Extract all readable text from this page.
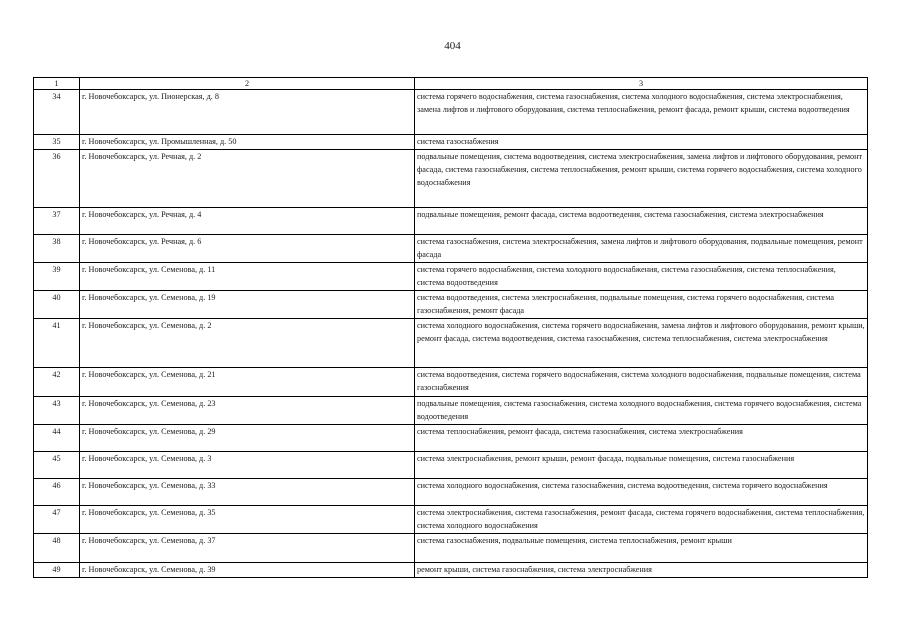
404
1	2	3
34	г. Новочебоксарск, ул. Пионерская, д. 8	система горячего водоснабжения, система газоснабжения, система холодного водоснабжения, система электроснабжения, замена лифтов и лифтового оборудования, система теплоснабжения, ремонт фасада, ремонт крыши, система водоотведения
35	г. Новочебоксарск, ул. Промышленная, д. 50	система газоснабжения
36	г. Новочебоксарск, ул. Речная, д. 2	подвальные помещения, система водоотведения, система электроснабжения, замена лифтов и лифтового оборудования, ремонт фасада, система газоснабжения, система теплоснабжения, ремонт крыши, система горячего водоснабжения, система холодного водоснабжения
37	г. Новочебоксарск, ул. Речная, д. 4	подвальные помещения, ремонт фасада, система водоотведения, система газоснабжения, система электроснабжения
38	г. Новочебоксарск, ул. Речная, д. 6	система газоснабжения, система электроснабжения, замена лифтов и лифтового оборудования, подвальные помещения, ремонт фасада
39	г. Новочебоксарск, ул. Семенова, д. 11	система горячего водоснабжения, система холодного водоснабжения, система газоснабжения, система теплоснабжения, система водоотведения
40	г. Новочебоксарск, ул. Семенова, д. 19	система водоотведения, система электроснабжения, подвальные помещения, система горячего водоснабжения, система газоснабжения, ремонт фасада
41	г. Новочебоксарск, ул. Семенова, д. 2	система холодного водоснабжения, система горячего водоснабжения, замена лифтов и лифтового оборудования, ремонт крыши, ремонт фасада, система водоотведения, система газоснабжения, система теплоснабжения, система электроснабжения
42	г. Новочебоксарск, ул. Семенова, д. 21	система водоотведения, система горячего водоснабжения, система холодного водоснабжения, подвальные помещения, система газоснабжения
43	г. Новочебоксарск, ул. Семенова, д. 23	подвальные помещения, система газоснабжения, система холодного водоснабжения, система горячего водоснабжения, система водоотведения
44	г. Новочебоксарск, ул. Семенова, д. 29	система теплоснабжения, ремонт фасада, система газоснабжения, система электроснабжения
45	г. Новочебоксарск, ул. Семенова, д. 3	система электроснабжения, ремонт крыши, ремонт фасада, подвальные помещения, система газоснабжения
46	г. Новочебоксарск, ул. Семенова, д. 33	система холодного водоснабжения, система газоснабжения, система водоотведения, система горячего водоснабжения
47	г. Новочебоксарск, ул. Семенова, д. 35	система электроснабжения, система газоснабжения, ремонт фасада, система горячего водоснабжения, система теплоснабжения, система холодного водоснабжения
48	г. Новочебоксарск, ул. Семенова, д. 37	система газоснабжения, подвальные помещения, система теплоснабжения, ремонт крыши
49	г. Новочебоксарск, ул. Семенова, д. 39	ремонт крыши, система газоснабжения, система электроснабжения
